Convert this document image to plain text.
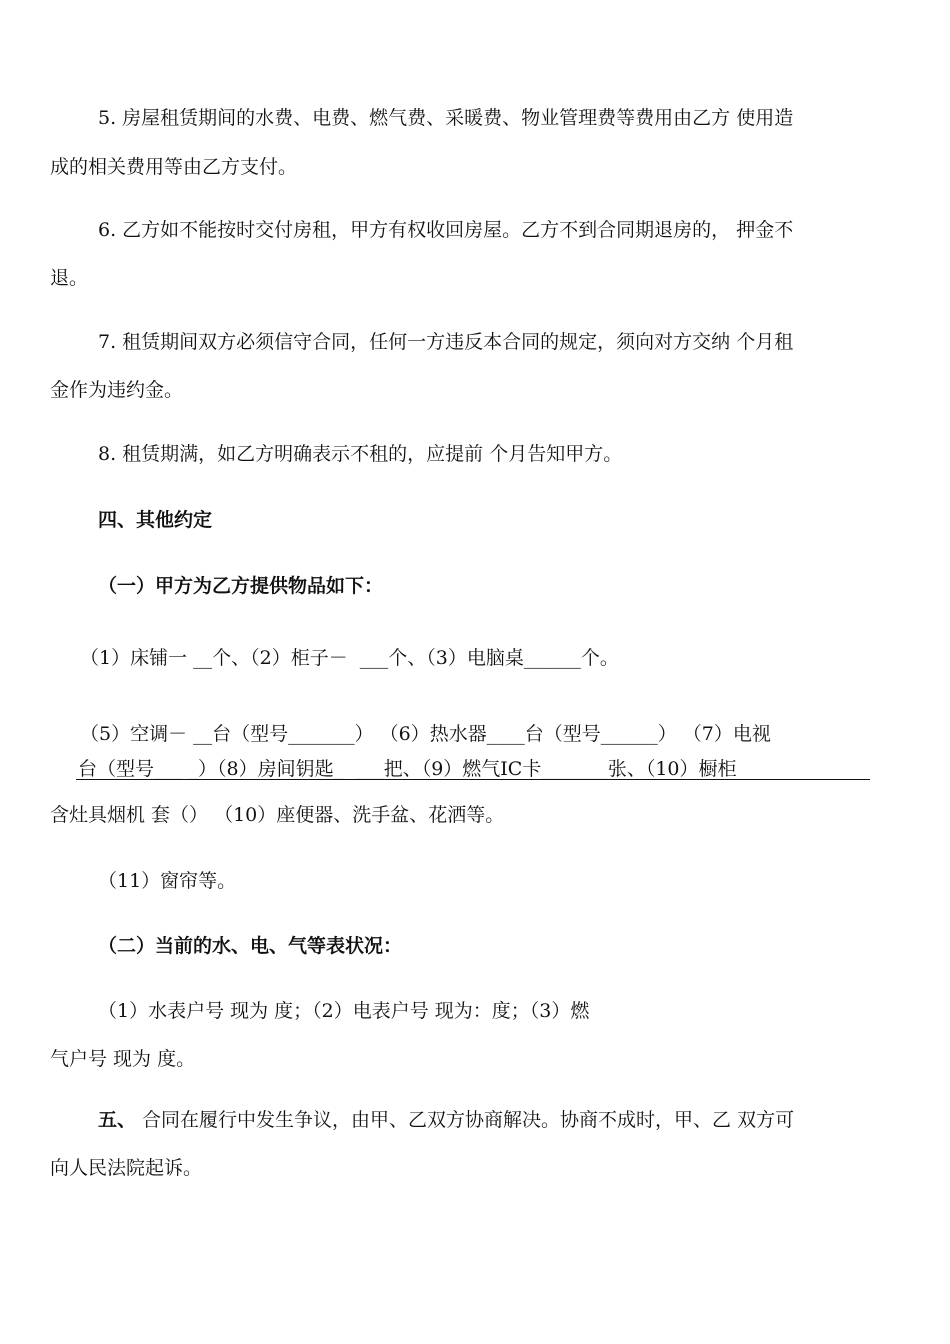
5. 房屋租赁期间的水费、电费、燃气费、采暖费、物业管理费等费用由乙方 使用造
成的相关费用等由乙方支付。
6. 乙方如不能按时交付房租，甲方有权收回房屋。乙方不到合同期退房的， 押金不
退。
7. 租赁期间双方必须信守合同，任何一方违反本合同的规定，须向对方交纳 个月租
金作为违约金。
8. 租赁期满，如乙方明确表示不租的，应提前 个月告知甲方。
四、其他约定
（一）甲方为乙方提供物品如下：
（1）床铺一 __个、（2）柜子－  ___个、（3）电脑桌______个。
（5）空调－ __台（型号_______） （6）热水器____台（型号______） （7）电视
台（型号___ _）（8）房间钥匙_  ___把、（9）燃气IC卡_______张、（10）橱柜
含灶具烟机 套（） （10）座便器、洗手盆、花洒等。
（11）窗帘等。
（二）当前的水、电、气等表状况：
（1）水表户号 现为 度；（2）电表户号 现为：度；（3）燃
气户号 现为 度。
五、 合同在履行中发生争议，由甲、乙双方协商解决。协商不成时，甲、乙 双方可
向人民法院起诉。
